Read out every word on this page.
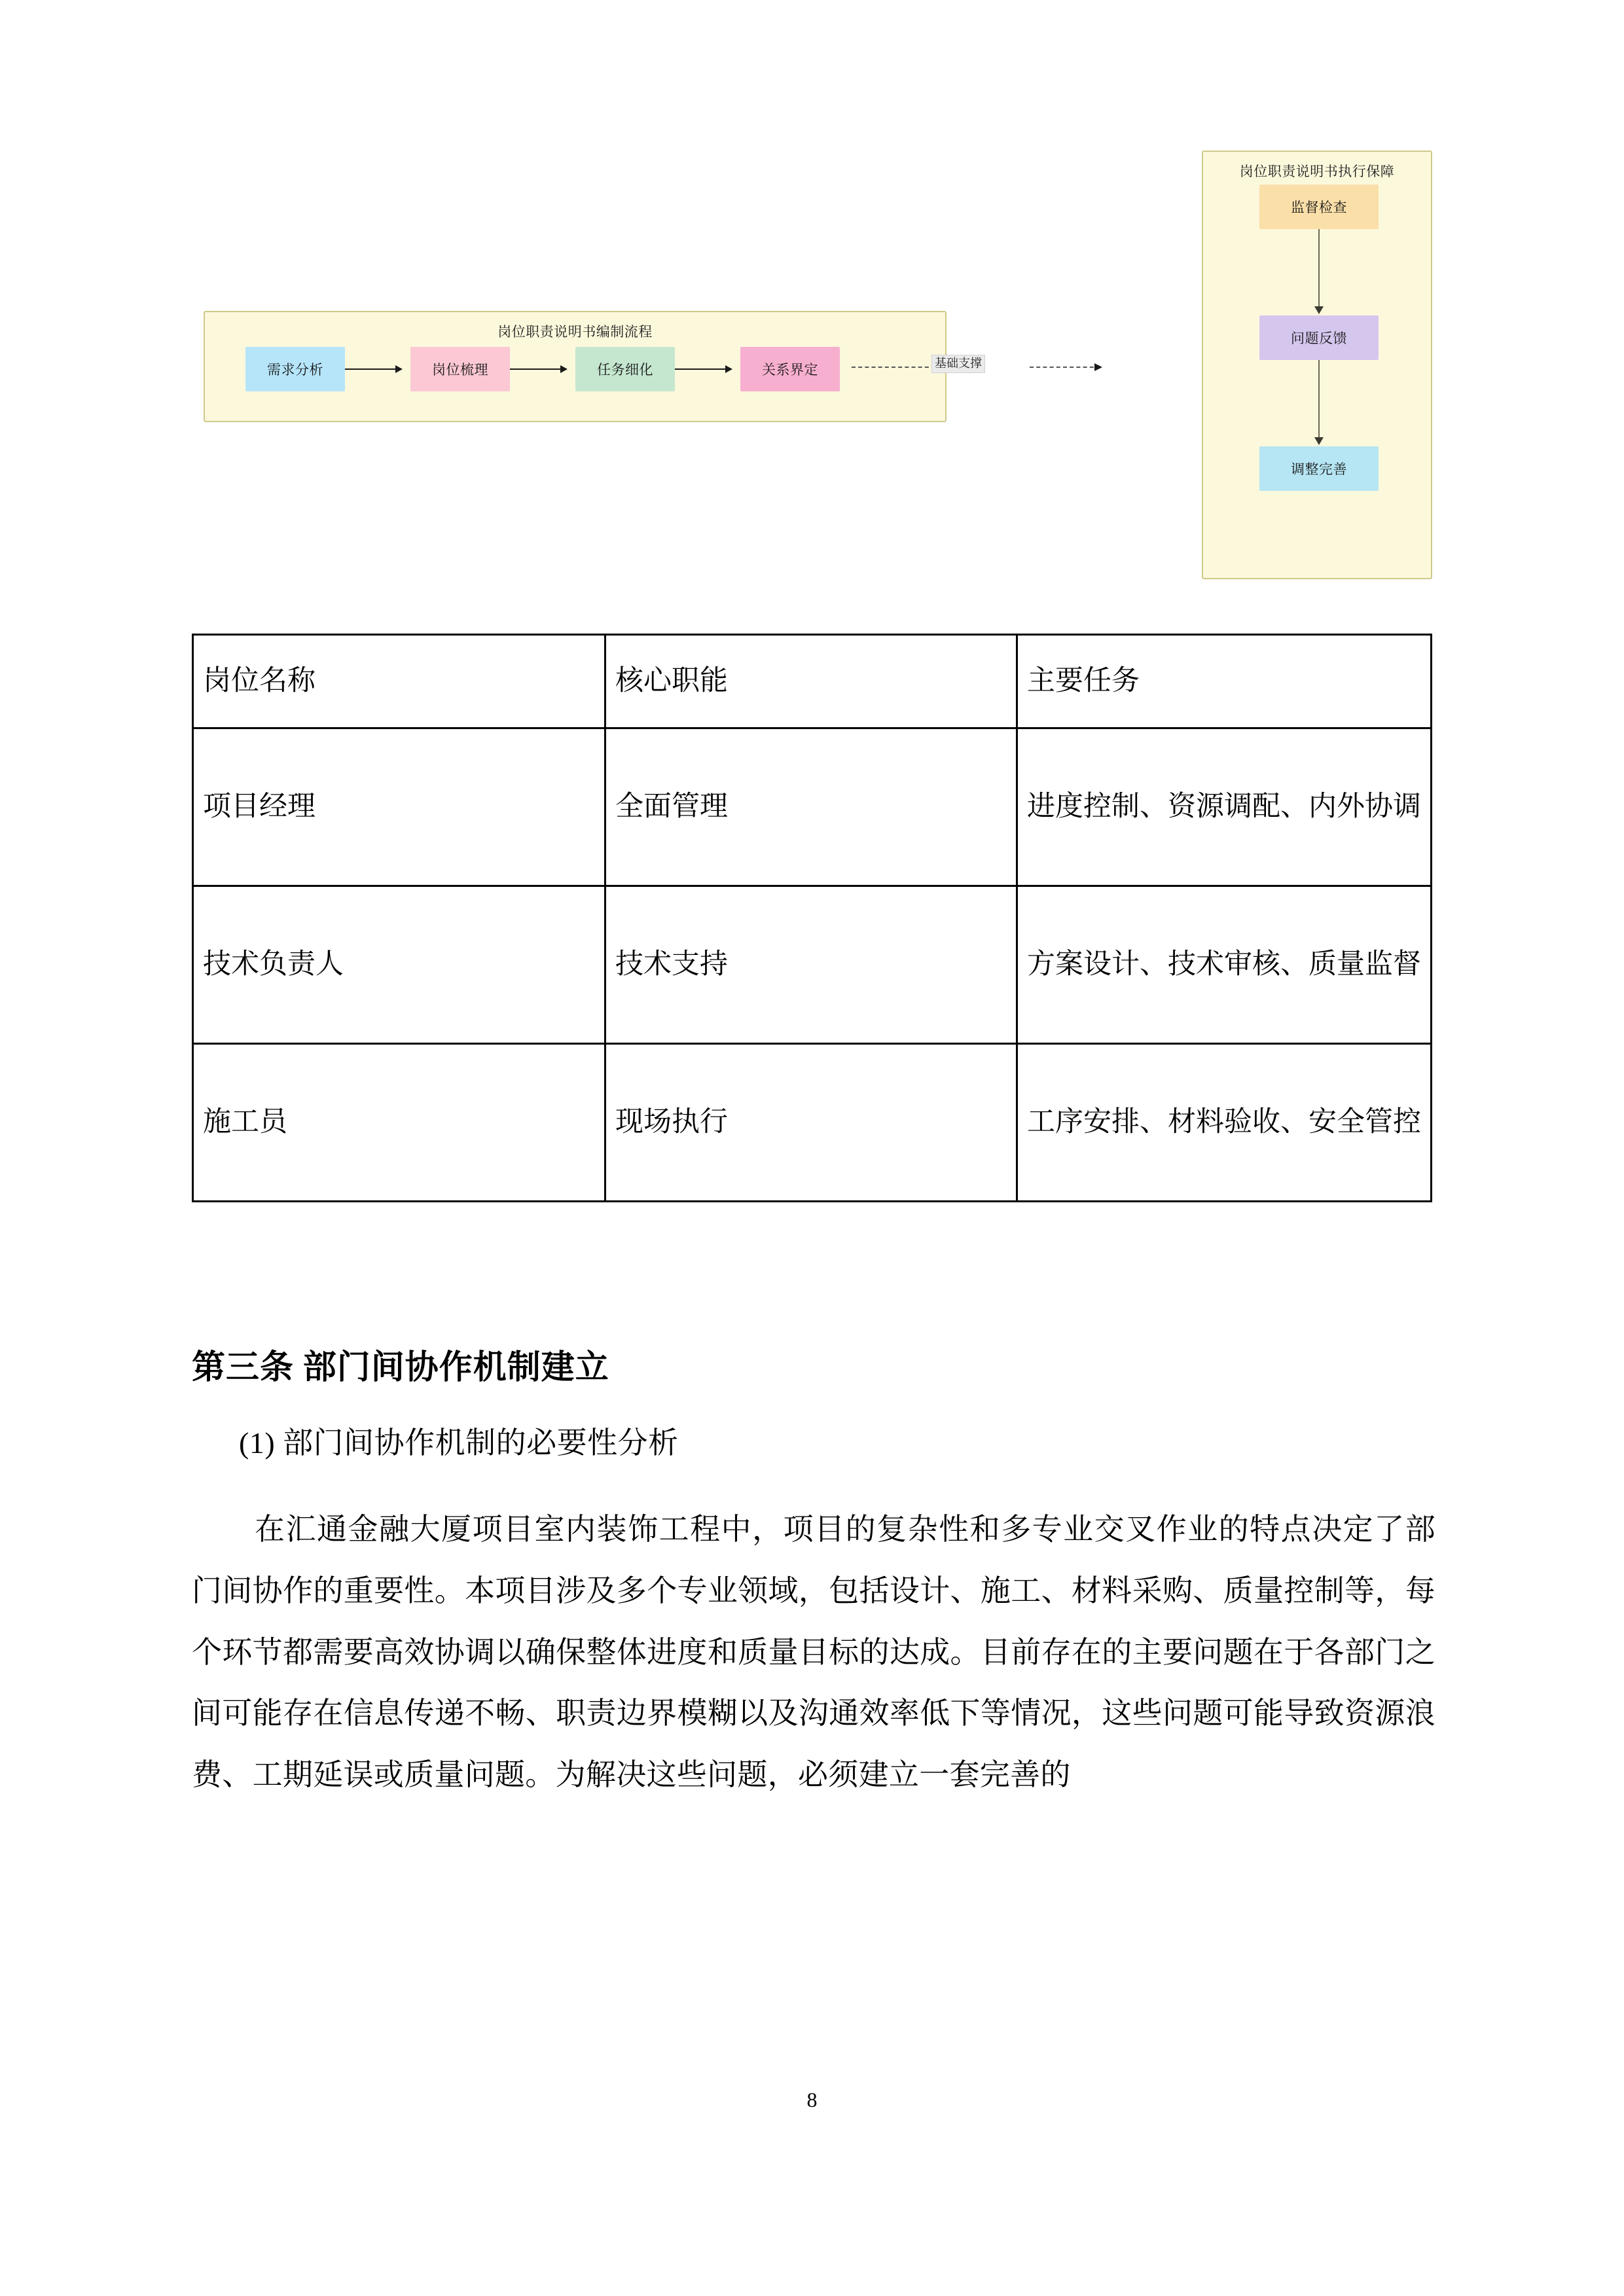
岗位职责说明书编制流程
需求分析	岗位梳理	任务细化	关系界定	基础支撑
岗位职责说明书执行保障
监督检查
问题反馈
调整完善
岗位名称	核心职能	主要任务
项目经理	全面管理	进度控制、资源调配、内外协调
技术负责人	技术支持	方案设计、技术审核、质量监督
施工员	现场执行	工序安排、材料验收、安全管控
第三条 部门间协作机制建立
(1) 部门间协作机制的必要性分析
在汇通金融大厦项目室内装饰工程中，项目的复杂性和多专业交叉作业的特点决定了部门间协作的重要性。本项目涉及多个专业领域，包括设计、施工、材料采购、质量控制等，每个环节都需要高效协调以确保整体进度和质量目标的达成。目前存在的主要问题在于各部门之间可能存在信息传递不畅、职责边界模糊以及沟通效率低下等情况，这些问题可能导致资源浪费、工期延误或质量问题。为解决这些问题，必须建立一套完善的
8
